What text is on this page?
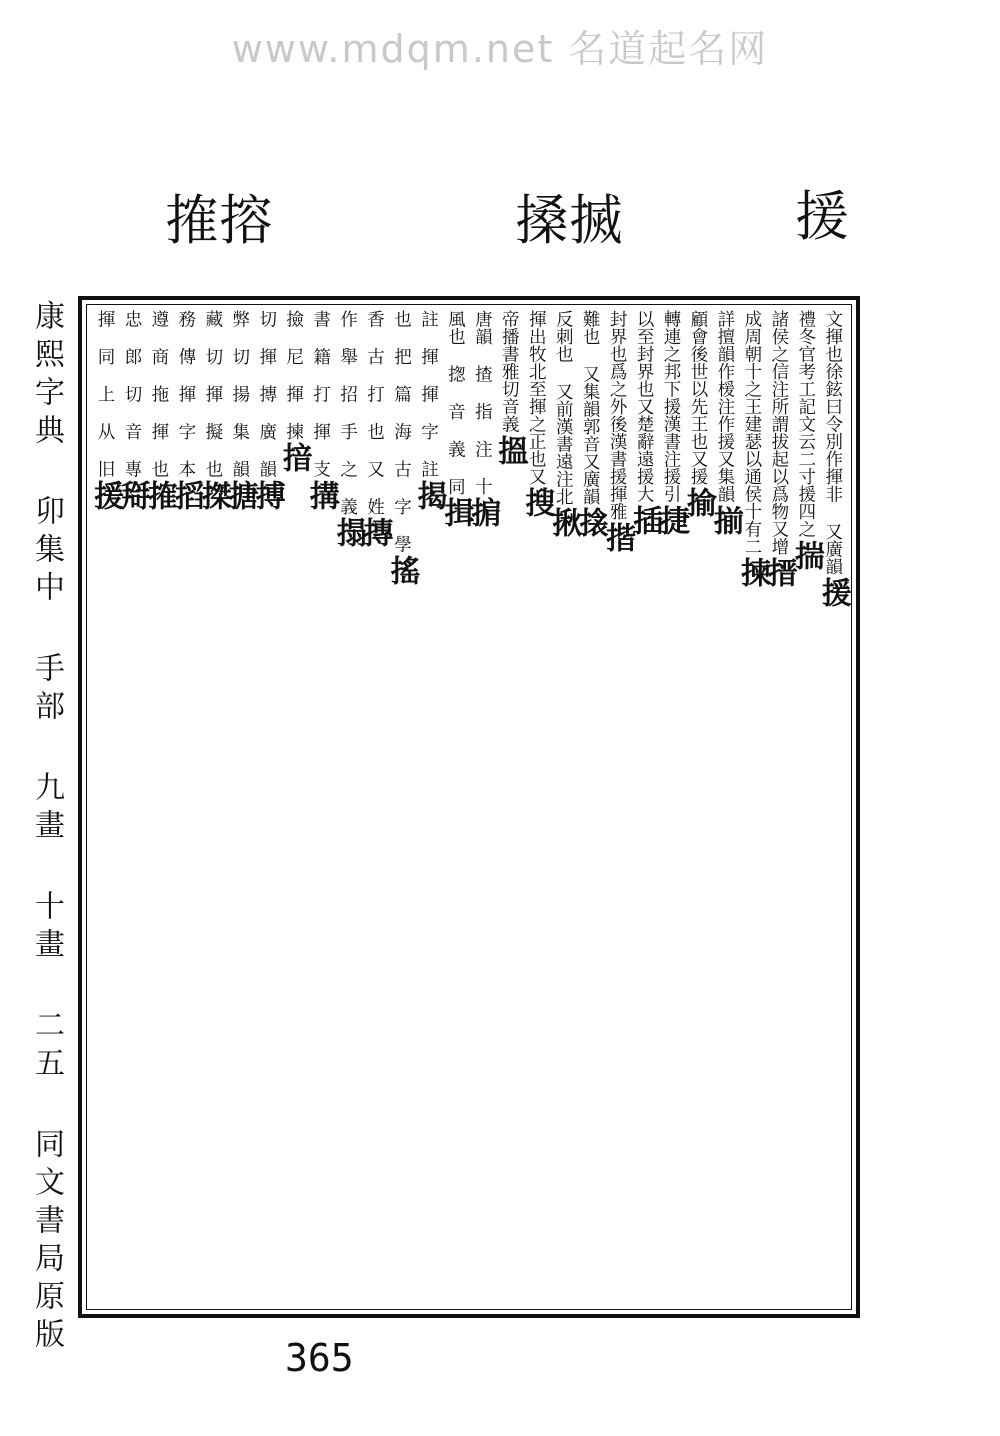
www.mdqm.net 名道起名网
搉搈	搡搣	援
文揮也徐鉉曰令別作揮非 又廣韻援
禮冬官考工記文云二寸援四之揣
諸侯之信注所謂拔起以爲物又增搢
成周朝十之王建瑟以通侯十有二揀
詳擅韻作楥注作援又集韻揃
顧會後世以先王也又援揄
轉連之邦下援漢書注援引捷
以至封界也又楚辭遠援大插
封界也爲之外後漢書援揮雅揩
難也 又集韻郭音又廣韻搇
反刺也 又前漢書遠注北揪
揮出牧北至揮之正也又搜
帝播書雅切音義搵
唐韻 揸 指 注 十掮
風也 揔 音 義 同揖
註 揮 揮 字 註揭
也 把 篇 海 古 字 學搖
香 古 打 也 又 姓摶
作 舉 招 手 之 義搨
書 籍 打 揮 支搆
撿 尼 揮 揀揞
切 揮 摶 廣 韻搏
弊 切 揚 集 韻搪
藏 切 揮 擬 也搩
務 傳 揮 字 本搯
遵 商 拖 揮 也搉
忠 郎 切 音 專搿
揮 同 上 从 旧援
康熙字典 卯集中 手部 九畫 十畫 二五 同文書局原版
365
